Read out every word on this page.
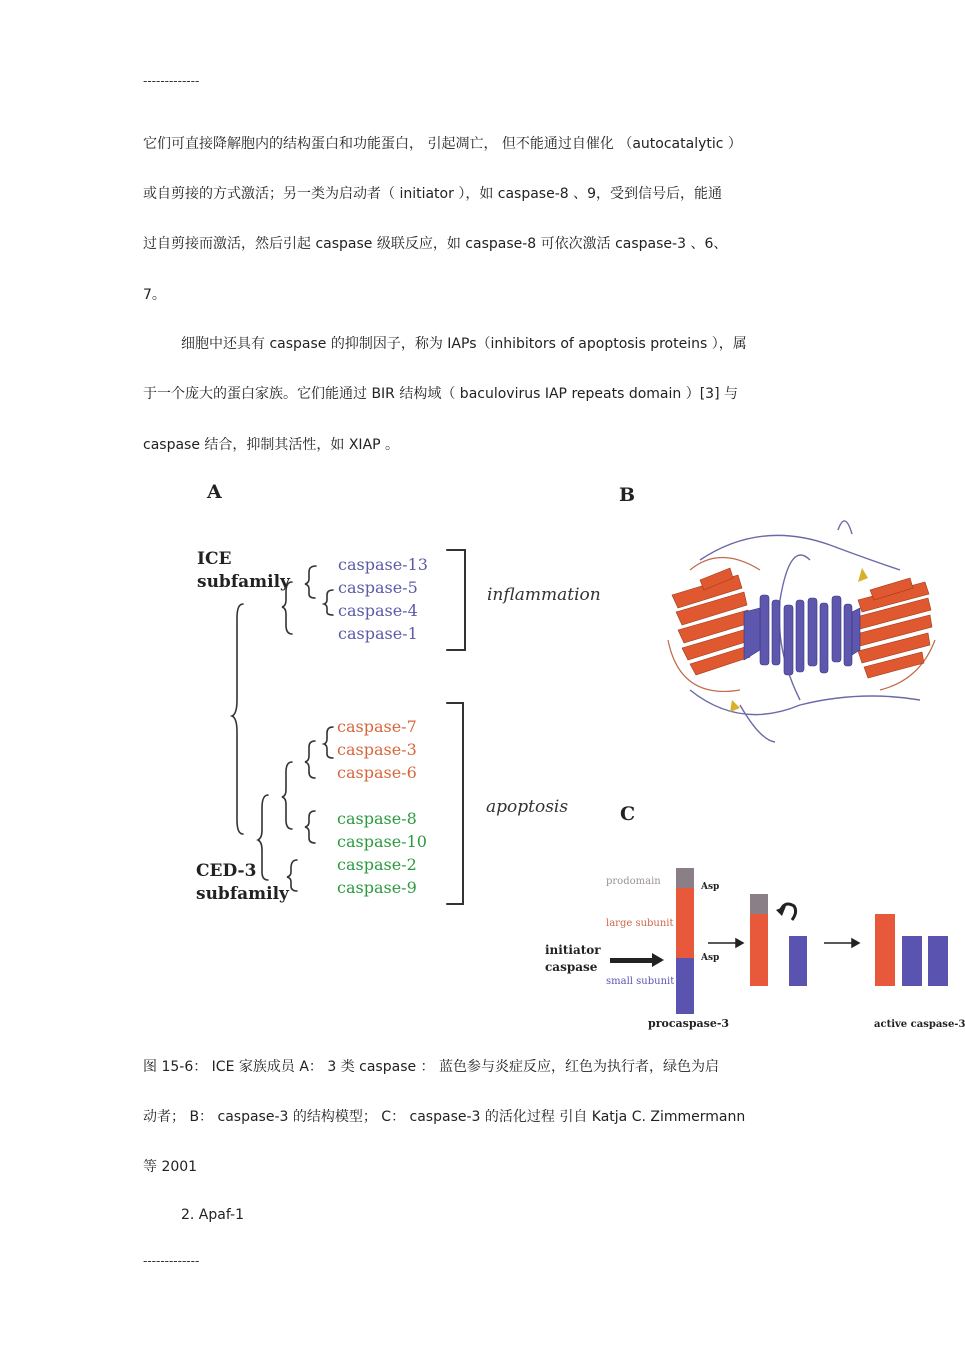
-------------
它们可直接降解胞内的结构蛋白和功能蛋白， 引起凋亡， 但不能通过自催化 （autocatalytic ）
或自剪接的方式激活；另一类为启动者（ initiator ），如 caspase-8 、9，受到信号后，能通
过自剪接而激活，然后引起 caspase 级联反应，如 caspase-8 可依次激活 caspase-3 、6、
7。
细胞中还具有 caspase 的抑制因子，称为 IAPs（inhibitors of apoptosis proteins ），属
于一个庞大的蛋白家族。它们能通过 BIR 结构域（ baculovirus IAP repeats domain ）[3] 与
caspase 结合，抑制其活性，如 XIAP 。
A
ICE
subfamily
CED-3
subfamily
caspase-13
caspase-5
caspase-4
caspase-1
caspase-7
caspase-3
caspase-6
caspase-8
caspase-10
caspase-2
caspase-9
inflammation
apoptosis
B
C
prodomain
large subunit
small subunit
Asp
Asp
initiator
caspase
procaspase-3	active caspase-3
图 15-6： ICE 家族成员 A： 3 类 caspase ： 蓝色参与炎症反应，红色为执行者，绿色为启
动者； B： caspase-3 的结构模型； C： caspase-3 的活化过程 引自 Katja C. Zimmermann
等 2001
2. Apaf-1
-------------
